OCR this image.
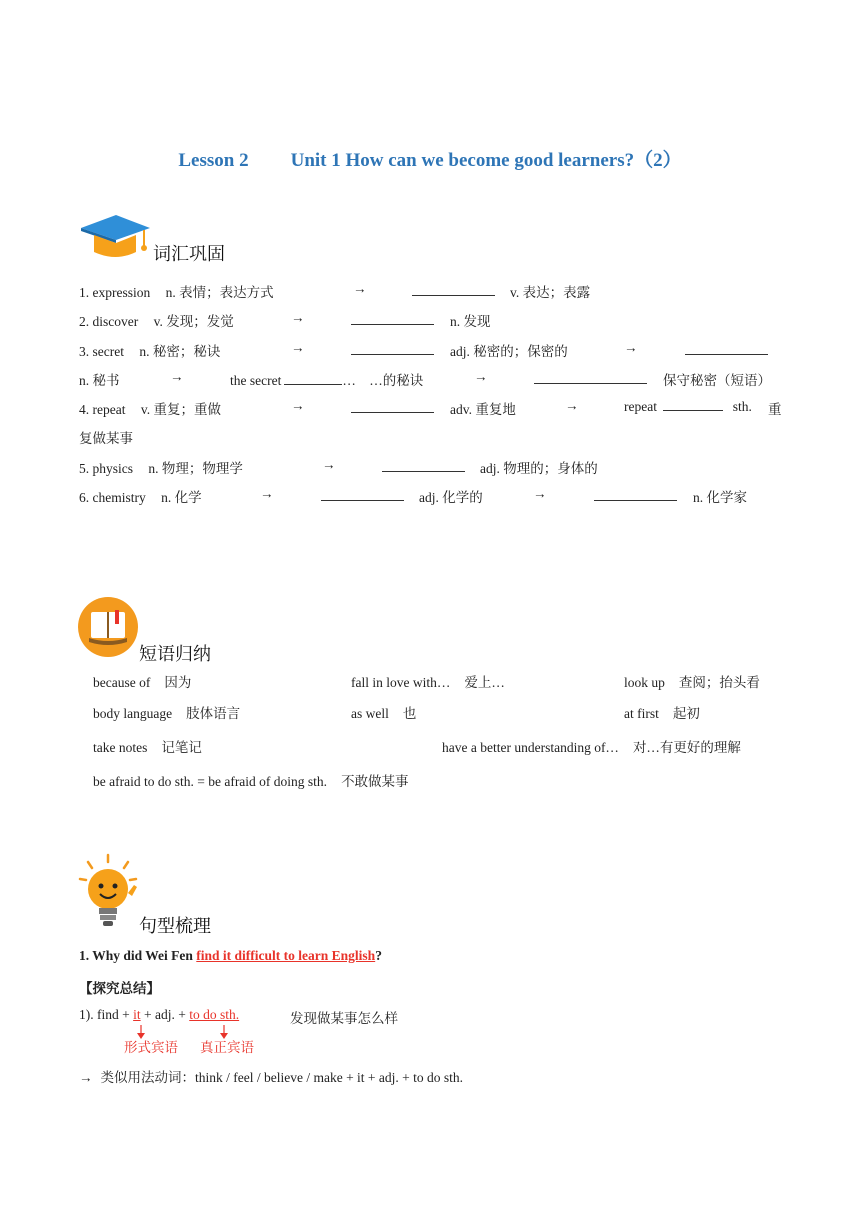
Lesson 2 Unit 1 How can we become good learners?（2）
词汇巩固
1. expression n. 表情；表达方式	→	v. 表达；表露
2. discover v. 发现；发觉	→	n. 发现
3. secret n. 秘密；秘诀	→	adj. 秘密的；保密的	→
n. 秘书	→	the secret	… …的秘诀	→	保守秘密（短语）
4. repeat v. 重复；重做	→	adv. 重复地	→	repeat	sth. 重
复做某事
5. physics n. 物理；物理学	→	adj. 物理的；身体的
6. chemistry n. 化学	→	adj. 化学的	→	n. 化学家
短语归纳
because of 因为	fall in love with… 爱上…	look up 查阅；抬头看
body language 肢体语言	as well 也	at first 起初
take notes 记笔记	have a better understanding of… 对…有更好的理解
be afraid to do sth. = be afraid of doing sth. 不敢做某事
句型梳理
1. Why did Wei Fen find it difficult to learn English?
【探究总结】
1). find + it + adj. + to do sth.	发现做某事怎么样
形式宾语 真正宾语
→ 类似用法动词：think / feel / believe / make + it + adj. + to do sth.
